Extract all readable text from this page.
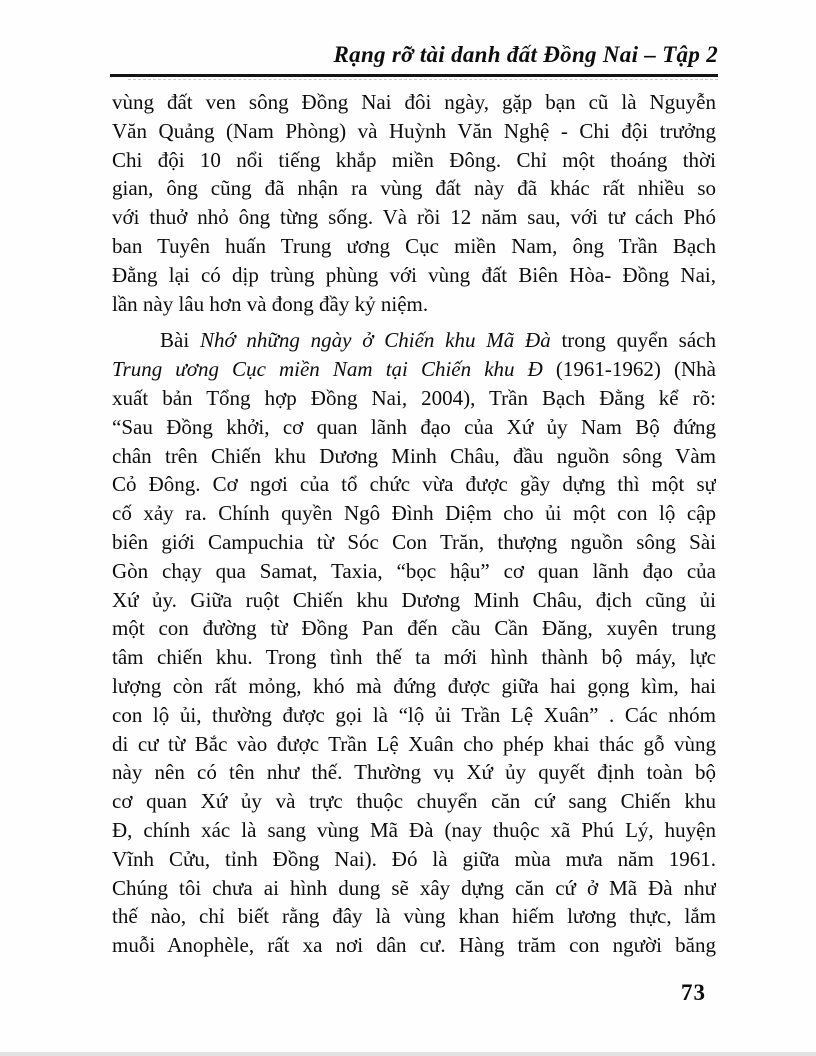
Rạng rỡ tài danh đất Đồng Nai – Tập 2
vùng đất ven sông Đồng Nai đôi ngày, gặp bạn cũ là Nguyễn
Văn Quảng (Nam Phòng) và Huỳnh Văn Nghệ - Chi đội trưởng
Chi đội 10 nổi tiếng khắp miền Đông. Chỉ một thoáng thời
gian, ông cũng đã nhận ra vùng đất này đã khác rất nhiều so
với thuở nhỏ ông từng sống. Và rồi 12 năm sau, với tư cách Phó
ban Tuyên huấn Trung ương Cục miền Nam, ông Trần Bạch
Đằng lại có dịp trùng phùng với vùng đất Biên Hòa- Đồng Nai,
lần này lâu hơn và đong đầy kỷ niệm.
Bài Nhớ những ngày ở Chiến khu Mã Đà trong quyển sách
Trung ương Cục miền Nam tại Chiến khu Đ (1961-1962) (Nhà
xuất bản Tổng hợp Đồng Nai, 2004), Trần Bạch Đằng kể rõ:
“Sau Đồng khởi, cơ quan lãnh đạo của Xứ ủy Nam Bộ đứng
chân trên Chiến khu Dương Minh Châu, đầu nguồn sông Vàm
Cỏ Đông. Cơ ngơi của tổ chức vừa được gầy dựng thì một sự
cố xảy ra. Chính quyền Ngô Đình Diệm cho ủi một con lộ cập
biên giới Campuchia từ Sóc Con Trăn, thượng nguồn sông Sài
Gòn chạy qua Samat, Taxia, “bọc hậu” cơ quan lãnh đạo của
Xứ ủy. Giữa ruột Chiến khu Dương Minh Châu, địch cũng ủi
một con đường từ Đồng Pan đến cầu Cần Đăng, xuyên trung
tâm chiến khu. Trong tình thế ta mới hình thành bộ máy, lực
lượng còn rất mỏng, khó mà đứng được giữa hai gọng kìm, hai
con lộ ủi, thường được gọi là “lộ ủi Trần Lệ Xuân” . Các nhóm
di cư từ Bắc vào được Trần Lệ Xuân cho phép khai thác gỗ vùng
này nên có tên như thế. Thường vụ Xứ ủy quyết định toàn bộ
cơ quan Xứ ủy và trực thuộc chuyển căn cứ sang Chiến khu
Đ, chính xác là sang vùng Mã Đà (nay thuộc xã Phú Lý, huyện
Vĩnh Cửu, tỉnh Đồng Nai). Đó là giữa mùa mưa năm 1961.
Chúng tôi chưa ai hình dung sẽ xây dựng căn cứ ở Mã Đà như
thế nào, chỉ biết rằng đây là vùng khan hiếm lương thực, lắm
muỗi Anophèle, rất xa nơi dân cư. Hàng trăm con người băng
73
